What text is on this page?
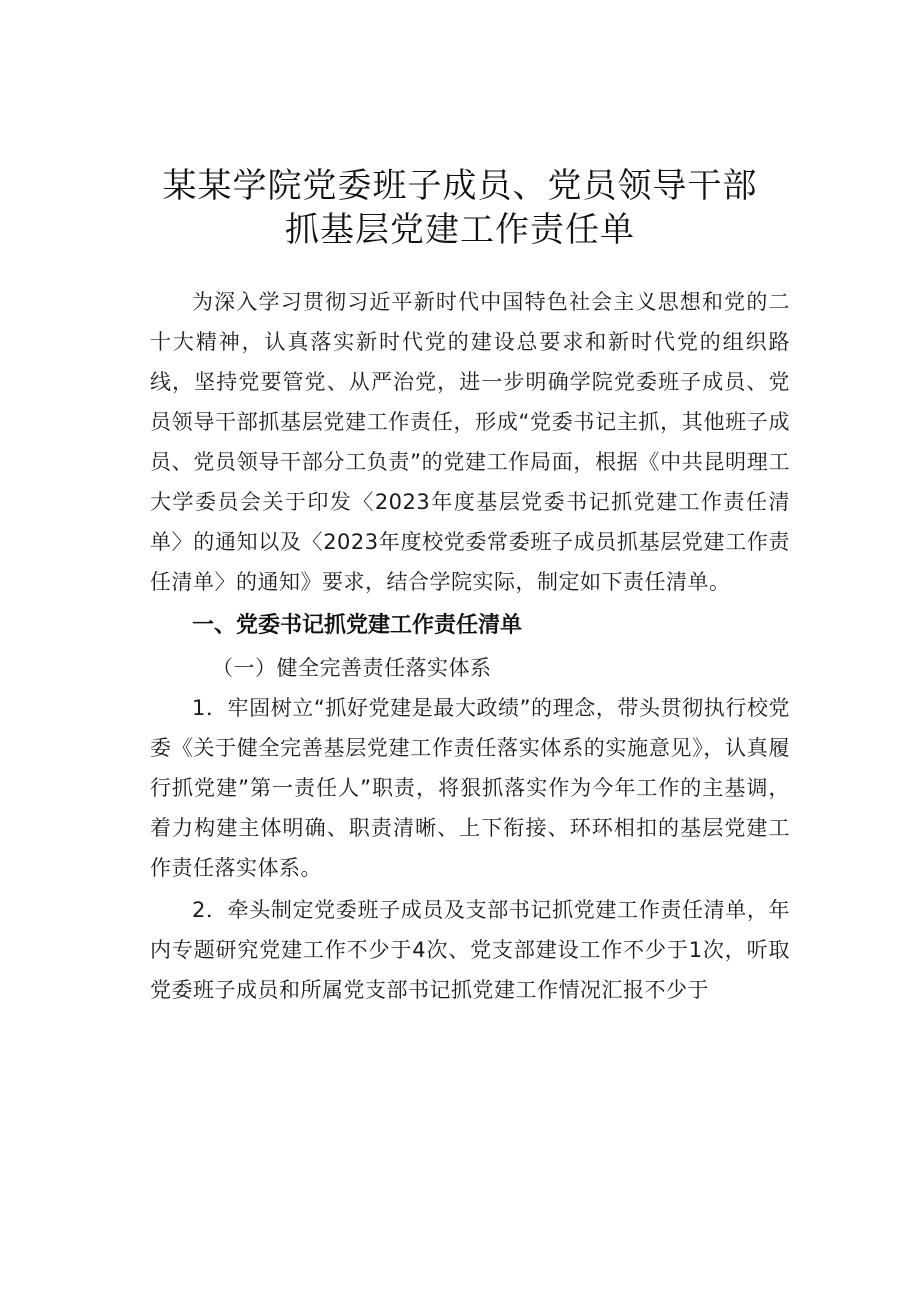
某某学院党委班子成员、党员领导干部
抓基层党建工作责任单

为深入学习贯彻习近平新时代中国特色社会主义思想和党的二十大精神，认真落实新时代党的建设总要求和新时代党的组织路线，坚持党要管党、从严治党，进一步明确学院党委班子成员、党员领导干部抓基层党建工作责任，形成“党委书记主抓，其他班子成员、党员领导干部分工负责”的党建工作局面，根据《中共昆明理工大学委员会关于印发〈2023年度基层党委书记抓党建工作责任清单〉的通知以及〈2023年度校党委常委班子成员抓基层党建工作责任清单〉的通知》要求，结合学院实际，制定如下责任清单。

一、党委书记抓党建工作责任清单

（一）健全完善责任落实体系

1．牢固树立“抓好党建是最大政绩”的理念，带头贯彻执行校党委《关于健全完善基层党建工作责任落实体系的实施意见》，认真履行抓党建”第一责任人”职责，将狠抓落实作为今年工作的主基调，着力构建主体明确、职责清晰、上下衔接、环环相扣的基层党建工作责任落实体系。

2．牵头制定党委班子成员及支部书记抓党建工作责任清单，年内专题研究党建工作不少于4次、党支部建设工作不少于1次，听取党委班子成员和所属党支部书记抓党建工作情况汇报不少于
